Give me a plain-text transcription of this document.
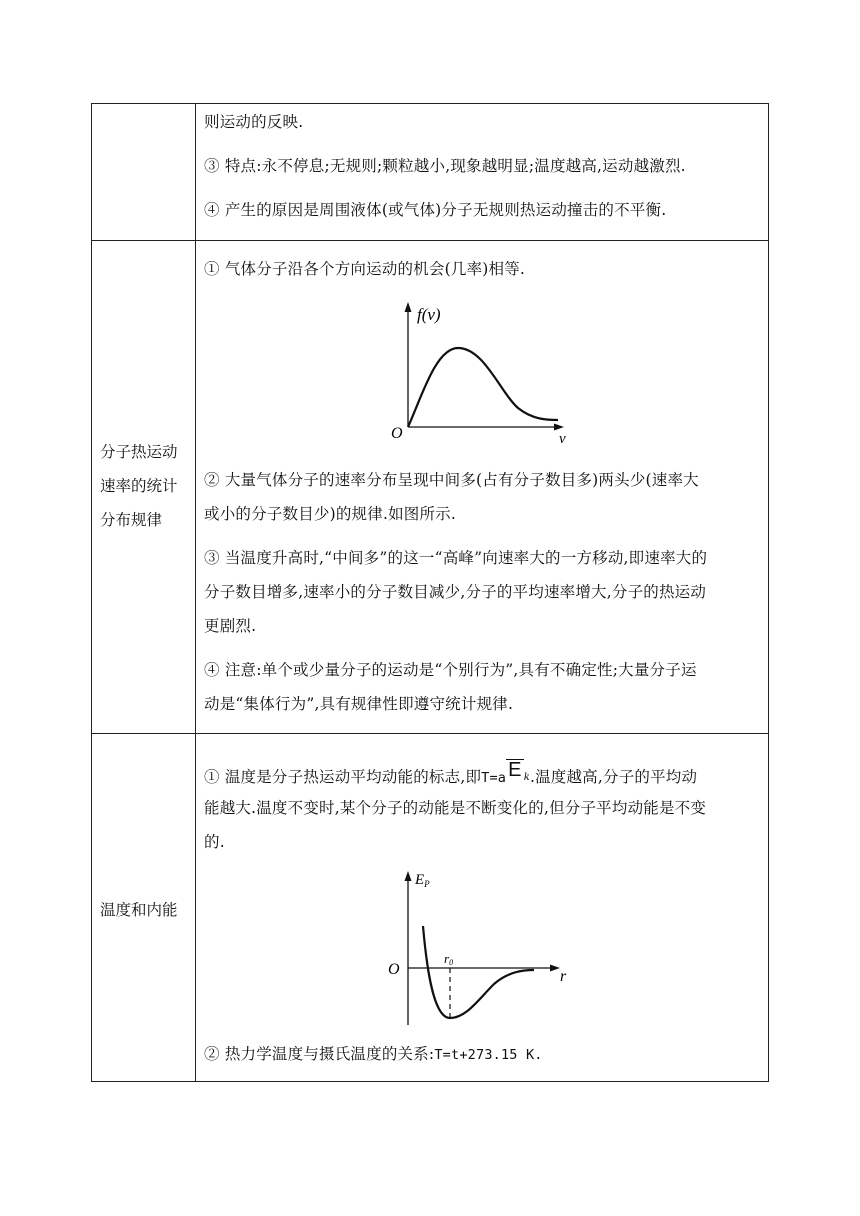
则运动的反映.
③ 特点:永不停息;无规则;颗粒越小,现象越明显;温度越高,运动越激烈.
④ 产生的原因是周围液体(或气体)分子无规则热运动撞击的不平衡.
分子热运动
速率的统计
分布规律
① 气体分子沿各个方向运动的机会(几率)相等.
f(v)
O	v
② 大量气体分子的速率分布呈现中间多(占有分子数目多)两头少(速率大
或小的分子数目少)的规律.如图所示.
③ 当温度升高时,“中间多”的这一“高峰”向速率大的一方移动,即速率大的
分子数目增多,速率小的分子数目减少,分子的平均速率增大,分子的热运动
更剧烈.
④ 注意:单个或少量分子的运动是“个别行为”,具有不确定性;大量分子运
动是“集体行为”,具有规律性即遵守统计规律.
温度和内能
① 温度是分子热运动平均动能的标志,即T=a E k.温度越高,分子的平均动
能越大.温度不变时,某个分子的动能是不断变化的,但分子平均动能是不变
的.
$E_P$
O
r0
r
② 热力学温度与摄氏温度的关系:T=t+273.15 K.
